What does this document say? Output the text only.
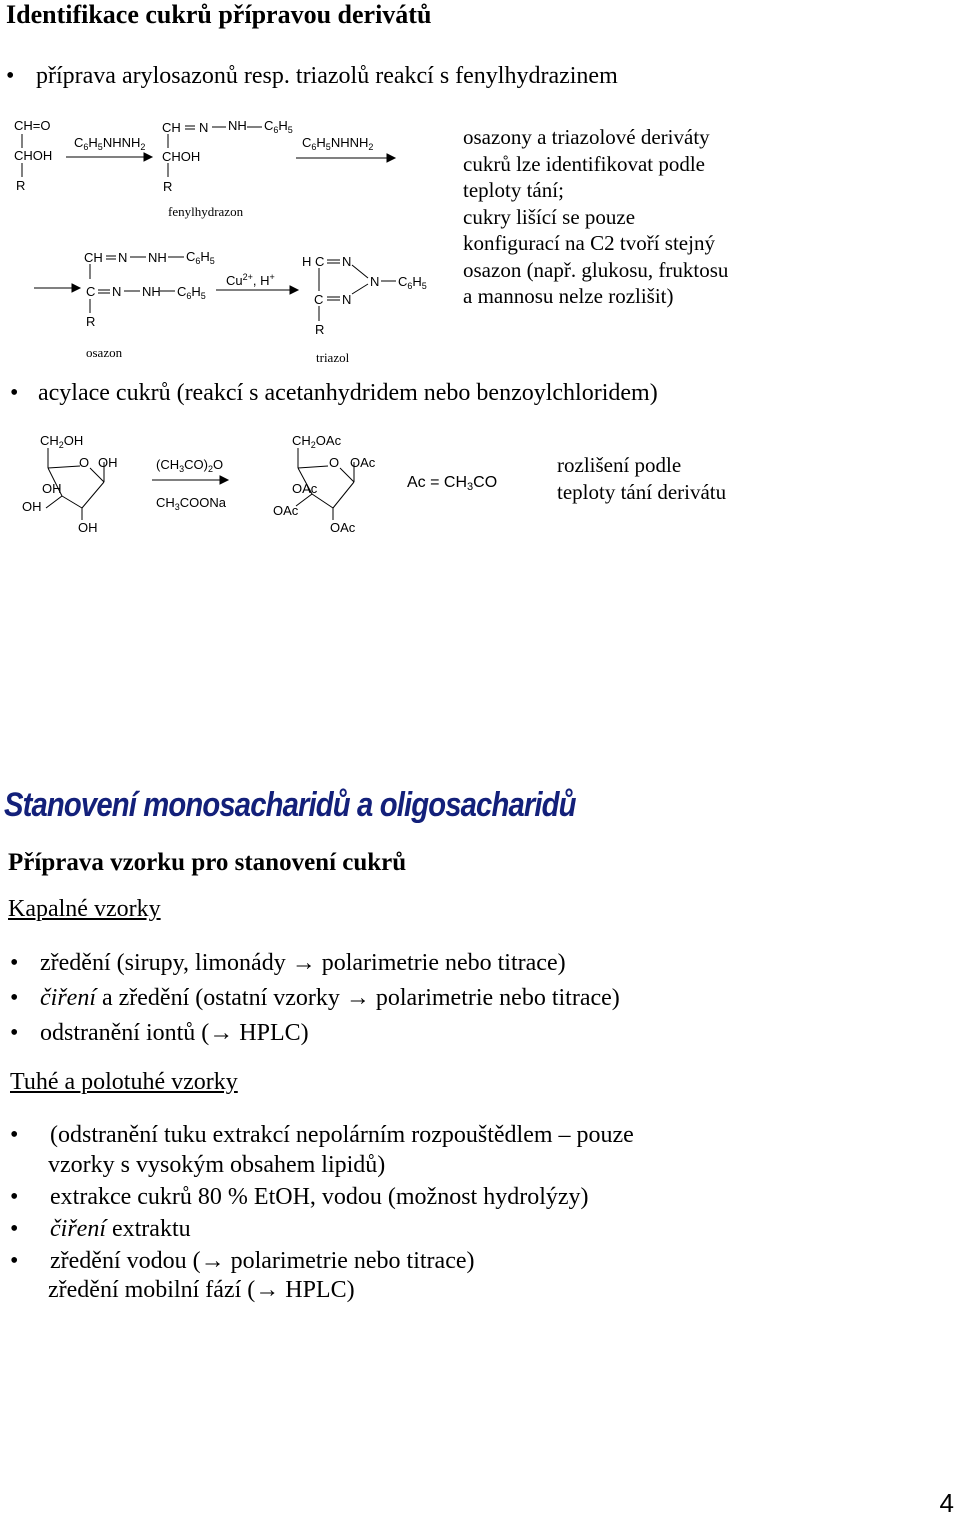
Identifikace cukrů přípravou derivátů
• příprava arylosazonů resp. triazolů reakcí s fenylhydrazinem
CH=O
CHOH
R
$C_6H_5NHNH_2$
CH N NH $C_6H_5$
CHOH
R
fenylhydrazon
$C_6H_5NHNH_2$
CH N NH $C_6H_5$
C N NH $C_6H_5$
R
osazon
$Cu^{2+}$, H+
H C N
N $C_6H_5$
C N
R
triazol
osazony a triazolové deriváty
cukrů lze identifikovat podle
teploty tání;
cukry lišící se pouze
konfigurací na C2 tvoří stejný
osazon (např. glukosu, fruktosu
a mannosu nelze rozlišit)
• acylace cukrů (reakcí s acetanhydridem nebo benzoylchloridem)
$CH_2OH$
O OH
OH
OH
OH
$(CH_3CO)_2O$
$CH_3COONa$
$CH_2OAc$
O OAc
OAc
OAc
OAc
$Ac = CH_3CO$
rozlišení podle
teploty tání derivátu
Stanovení monosacharidů a oligosacharidů
Příprava vzorku pro stanovení cukrů
Kapalné vzorky
• zředění (sirupy, limonády → polarimetrie nebo titrace)
• čiření a zředění (ostatní vzorky → polarimetrie nebo titrace)
• odstranění iontů (→ HPLC)
Tuhé a polotuhé vzorky
• (odstranění tuku extrakcí nepolárním rozpouštědlem – pouze
vzorky s vysokým obsahem lipidů)
• extrakce cukrů 80 % EtOH, vodou (možnost hydrolýzy)
• čiření extraktu
• zředění vodou (→ polarimetrie nebo titrace)
zředění mobilní fází (→ HPLC)
4
